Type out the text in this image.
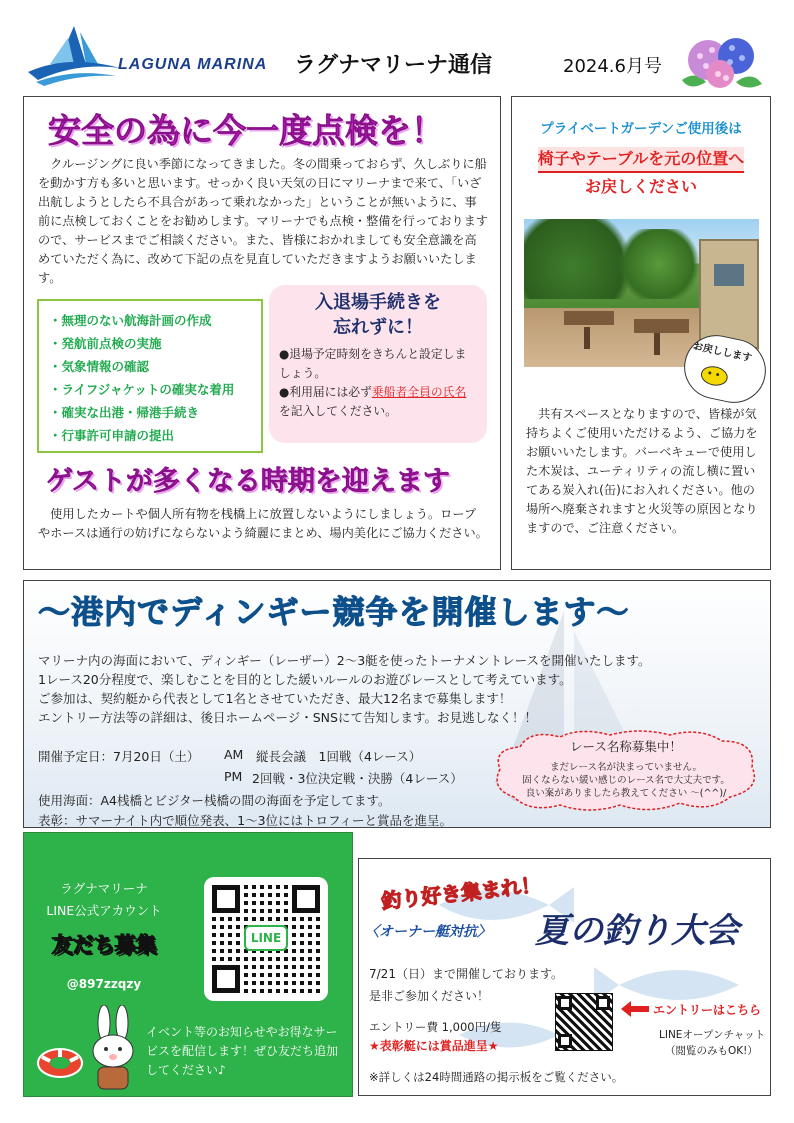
LAGUNA MARINA ラグナマリーナ通信	2024.6月号
安全の為に今一度点検を！
　クルージングに良い季節になってきました。冬の間乗っておらず、久しぶりに船を動かす方も多いと思います。せっかく良い天気の日にマリーナまで来て、「いざ出航しようとしたら不具合があって乗れなかった」ということが無いように、事前に点検しておくことをお勧めします。マリーナでも点検・整備を行っておりますので、サービスまでご相談ください。また、皆様におかれましても安全意識を高めていただく為に、改めて下記の点を見直していただきますようお願いいたします。
・無理のない航海計画の作成
・発航前点検の実施
・気象情報の確認
・ライフジャケットの確実な着用
・確実な出港・帰港手続き
・行事許可申請の提出
入退場手続きを
忘れずに！
●退場予定時刻をきちんと設定しましょう。
●利用届には必ず乗船者全員の氏名を記入してください。
ゲストが多くなる時期を迎えます
　使用したカートや個人所有物を桟橋上に放置しないようにしましょう。ロープやホースは通行の妨げにならないよう綺麗にまとめ、場内美化にご協力ください。
プライベートガーデンご使用後は
椅子やテーブルを元の位置へ
お戻しください
お戻しします
　共有スペースとなりますので、皆様が気持ちよくご使用いただけるよう、ご協力をお願いいたします。バーベキューで使用した木炭は、ユーティリティの流し横に置いてある炭入れ(缶)にお入れください。他の場所へ廃棄されますと火災等の原因となりますので、ご注意ください。
～港内でディンギー競争を開催します～
マリーナ内の海面において、ディンギー（レーザー）2～3艇を使ったトーナメントレースを開催いたします。
1レース20分程度で、楽しむことを目的とした緩いルールのお遊びレースとして考えています。
ご参加は、契約艇から代表として1名とさせていただき、最大12名まで募集します！
エントリー方法等の詳細は、後日ホームページ・SNSにて告知します。お見逃しなく！！
開催予定日：7月20日（土） AM 縦長会議　1回戦（4レース）
PM 2回戦・3位決定戦・決勝（4レース）
使用海面：A4桟橋とビジター桟橋の間の海面を予定してます。
表彰：サマーナイト内で順位発表、1～3位にはトロフィーと賞品を進呈。
レース名称募集中！
まだレース名が決まっていません。
固くならない緩い感じのレース名で大丈夫です。
良い案がありましたら教えてください ～(^^)/
ラグナマリーナ
LINE公式アカウント
友だち募集
@897zzqzy
LINE
イベント等のお知らせやお得なサービスを配信します！ぜひ友だち追加してください♪
釣り好き集まれ！
〈オーナー艇対抗〉 夏の釣り大会
7/21（日）まで開催しております。
是非ご参加ください！
エントリー費 1,000円/隻
★表彰艇には賞品進呈★
エントリーはこちら
LINEオープンチャット
（閲覧のみもOK!）
※詳しくは24時間通路の掲示板をご覧ください。
